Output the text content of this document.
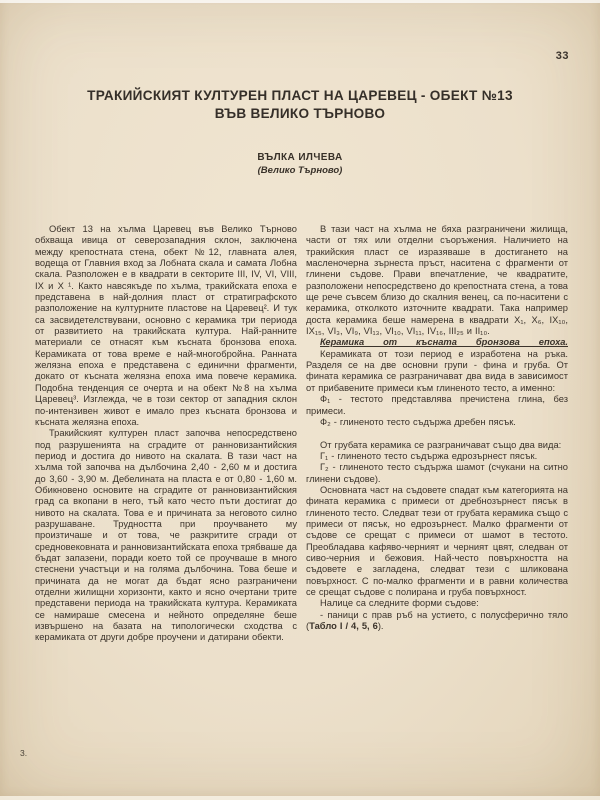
33
ТРАКИЙСКИЯТ КУЛТУРЕН ПЛАСТ НА ЦАРЕВЕЦ - ОБЕКТ №13
ВЪВ ВЕЛИКО ТЪРНОВО
ВЪЛКА ИЛЧЕВА
(Велико Търново)

Обект 13 на хълма Царевец във Велико Търново обхваща ивица от северозападния склон, заключена между крепостната стена, обект №12, главната алея, водеща от Главния вход за Лобната скала и самата Лобна скала. Разположен е в квадрати в секторите III, IV, VI, VIII, IX и X ¹. Както навсякъде по хълма, тракийската епоха е представена в най-долния пласт от стратиграфското разположение на културните пластове на Царевец². И тук са засвидетелствувани, основно с керамика три периода от развитието на тракийската култура. Най-ранните материали се отнасят към късната бронзова епоха. Керамиката от това време е най-многобройна. Ранната желязна епоха е представена с единични фрагменти, докато от късната желязна епоха има повече керамика. Подобна тенденция се очерта и на обект №8 на хълма Царевец³. Изглежда, че в този сектор от западния склон по-интензивен живот е имало през късната бронзова и късната желязна епоха.

Тракийският културен пласт започва непосредствено под разрушенията на сградите от ранновизантийския период и достига до нивото на скалата. В тази част на хълма той започва на дълбочина 2,40 - 2,60 м и достига до 3,60 - 3,90 м. Дебелината на пласта е от 0,80 - 1,60 м. Обикновено основите на сградите от ранновизантийския град са вкопани в него, тъй като често пъти достигат до нивото на скалата. Това е и причината за неговото силно разрушаване. Трудността при проучването му произтичаше и от това, че разкритите сгради от средновековната и ранновизантийската епоха трябваше да бъдат запазени, поради което той се проучваше в много стеснени участъци и на голяма дълбочина. Това беше и причината да не могат да бъдат ясно разграничени отделни жилищни хоризонти, както и ясно очертани трите представени периода на тракийската култура. Керамиката се намираше смесена и нейното определяне беше извършено на базата на типологически сходства с керамиката от други добре проучени и датирани обекти.

В тази част на хълма не бяха разграничени жилища, части от тях или отделни съоръжения. Наличието на тракийския пласт се изразяваше в достигането на масленочерна зърнеста пръст, наситена с фрагменти от глинени съдове. Прави впечатление, че квадратите, разположени непосредствено до крепостната стена, а това ще рече съвсем близо до скалния венец, са по-наситени с керамика, отколкото източните квадрати. Така например доста керамика беше намерена в квадрати X₁, X₆, IX₁₀, IX₁₅, VI₃, VI₉, VI₁₃, VI₁₀, VI₁₁, IV₁₆, III₂₅ и II₁₀.

Керамика от късната бронзова епоха.

Керамиката от този период е изработена на ръка. Разделя се на две основни групи - фина и груба. От фината керамика се разграничават два вида в зависимост от прибавените примеси към глиненото тесто, а именно:

Ф₁ - тестото представлява пречистена глина, без примеси.

Ф₂ - глиненото тесто съдържа дребен пясък.

От грубата керамика се разграничават също два вида:

Г₁ - глиненото тесто съдържа едрозърнест пясък.

Г₂ - глиненото тесто съдържа шамот (счукани на ситно глинени съдове).

Основната част на съдовете спадат към категорията на фината керамика с примеси от дребнозърнест пясък в глиненото тесто. Следват тези от грубата керамика също с примеси от пясък, но едрозърнест. Малко фрагменти от съдове се срещат с примеси от шамот в тестото. Преобладава кафяво-черният и черният цвят, следван от сиво-черния и бежовия. Най-често повърхността на съдовете е загладена, следват тези с шликована повърхност. С по-малко фрагменти и в равни количества се срещат съдове с полирана и груба повърхност.

Налице са следните форми съдове:

- паници с прав ръб на устието, с полусферично тяло (Табло I / 4, 5, 6).

3.
